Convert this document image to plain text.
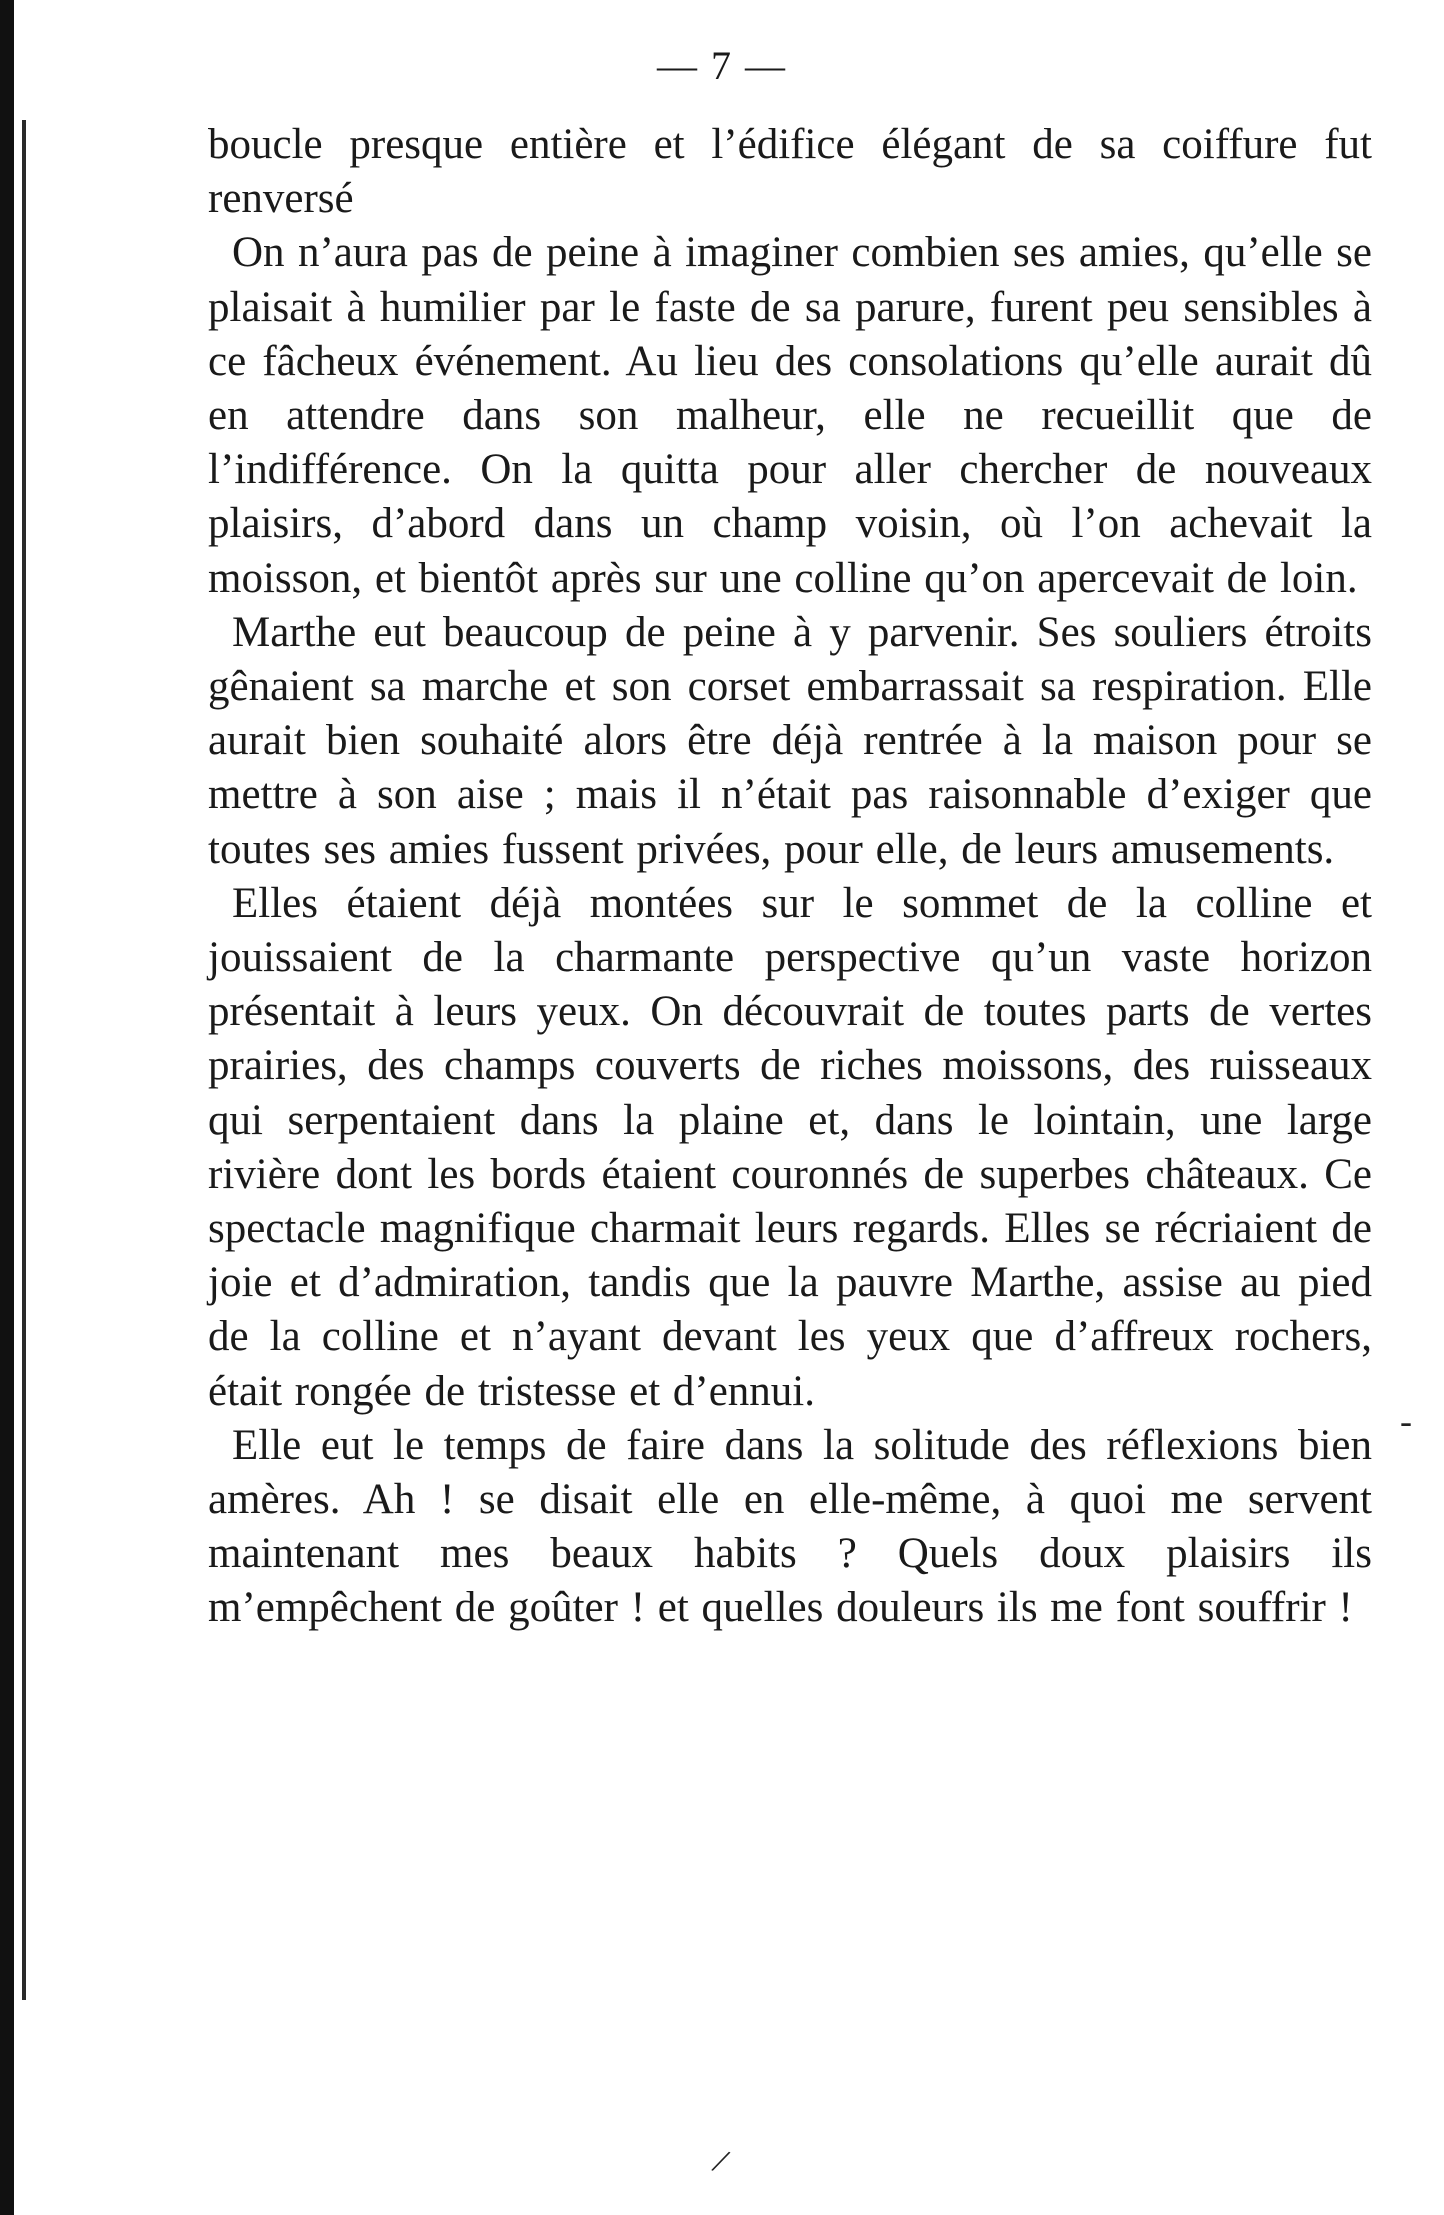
— 7 —

boucle presque entière et l’édifice élégant de sa coiffure fut renversé

On n’aura pas de peine à imaginer combien ses amies, qu’elle se plaisait à humilier par le faste de sa parure, furent peu sensibles à ce fâcheux événement. Au lieu des consolations qu’elle aurait dû en attendre dans son malheur, elle ne recueillit que de l’indifférence. On la quitta pour aller chercher de nouveaux plaisirs, d’abord dans un champ voisin, où l’on achevait la moisson, et bientôt après sur une colline qu’on apercevait de loin.

Marthe eut beaucoup de peine à y parvenir. Ses souliers étroits gênaient sa marche et son corset embarrassait sa respiration. Elle aurait bien souhaité alors être déjà rentrée à la maison pour se mettre à son aise ; mais il n’était pas raisonnable d’exiger que toutes ses amies fussent privées, pour elle, de leurs amusements.

Elles étaient déjà montées sur le sommet de la colline et jouissaient de la charmante perspective qu’un vaste horizon présentait à leurs yeux. On découvrait de toutes parts de vertes prairies, des champs couverts de riches moissons, des ruisseaux qui serpentaient dans la plaine et, dans le lointain, une large rivière dont les bords étaient couronnés de superbes châteaux. Ce spectacle magnifique charmait leurs regards. Elles se récriaient de joie et d’admiration, tandis que la pauvre Marthe, assise au pied de la colline et n’ayant devant les yeux que d’affreux rochers, était rongée de tristesse et d’ennui.

Elle eut le temps de faire dans la solitude des réflexions bien amères. Ah ! se disait elle en elle-même, à quoi me servent maintenant mes beaux habits ? Quels doux plaisirs ils m’empêchent de goûter ! et quelles douleurs ils me font souffrir !

-
/
